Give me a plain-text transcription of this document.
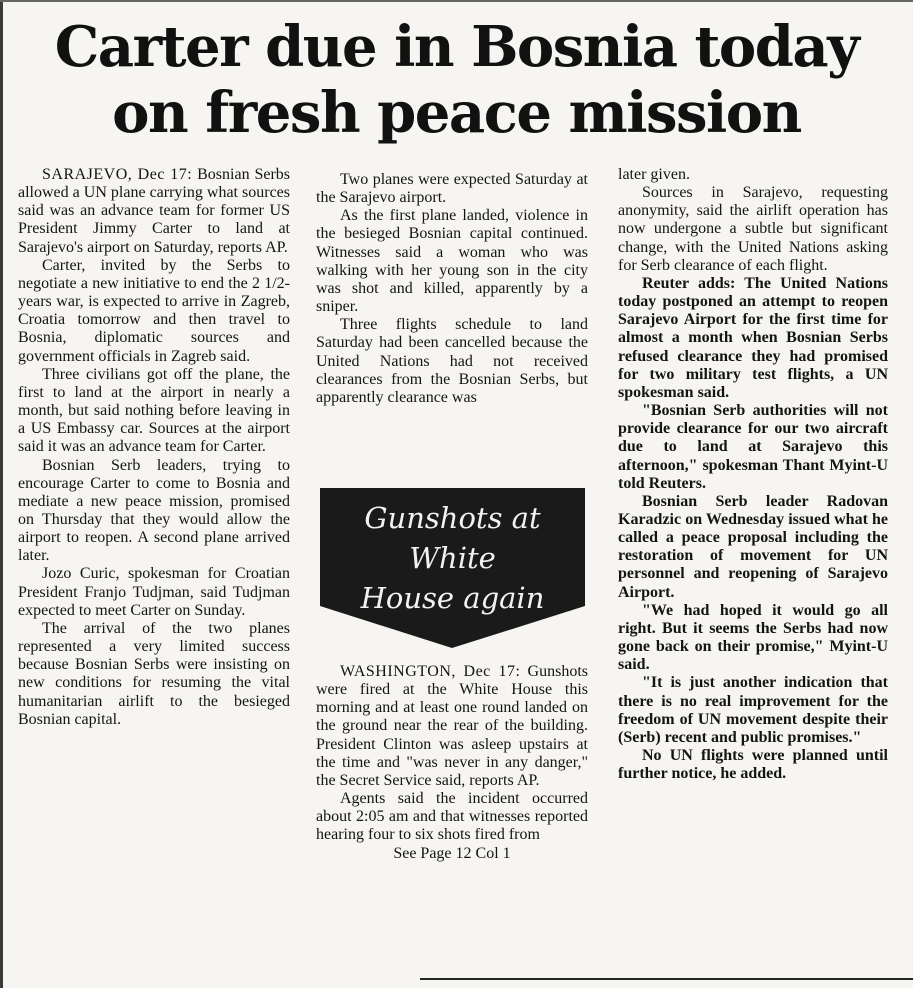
Carter due in Bosnia today
on fresh peace mission

SARAJEVO, Dec 17: Bosnian Serbs allowed a UN plane carrying what sources said was an advance team for former US President Jimmy Carter to land at Sarajevo's airport on Saturday, reports AP.

Carter, invited by the Serbs to negotiate a new initiative to end the 2 1/2-years war, is expected to arrive in Zagreb, Croatia tomorrow and then travel to Bosnia, diplomatic sources and government officials in Zagreb said.

Three civilians got off the plane, the first to land at the airport in nearly a month, but said nothing before leaving in a US Embassy car. Sources at the airport said it was an advance team for Carter.

Bosnian Serb leaders, trying to encourage Carter to come to Bosnia and mediate a new peace mission, promised on Thursday that they would allow the airport to reopen. A second plane arrived later.

Jozo Curic, spokesman for Croatian President Franjo Tudjman, said Tudjman expected to meet Carter on Sunday.

The arrival of the two planes represented a very limited success because Bosnian Serbs were insisting on new conditions for resuming the vital humanitarian airlift to the besieged Bosnian capital.

Two planes were expected Saturday at the Sarajevo airport.

As the first plane landed, violence in the besieged Bosnian capital continued. Witnesses said a woman who was walking with her young son in the city was shot and killed, apparently by a sniper.

Three flights schedule to land Saturday had been cancelled because the United Nations had not received clearances from the Bosnian Serbs, but apparently clearance was

Gunshots at
White
House again

WASHINGTON, Dec 17: Gunshots were fired at the White House this morning and at least one round landed on the ground near the rear of the building. President Clinton was asleep upstairs at the time and "was never in any danger," the Secret Service said, reports AP.

Agents said the incident occurred about 2:05 am and that witnesses reported hearing four to six shots fired from

See Page 12 Col 1

later given.

Sources in Sarajevo, requesting anonymity, said the airlift operation has now undergone a subtle but significant change, with the United Nations asking for Serb clearance of each flight.

Reuter adds: The United Nations today postponed an attempt to reopen Sarajevo Airport for the first time for almost a month when Bosnian Serbs refused clearance they had promised for two military test flights, a UN spokesman said.

"Bosnian Serb authorities will not provide clearance for our two aircraft due to land at Sarajevo this afternoon," spokesman Thant Myint-U told Reuters.

Bosnian Serb leader Radovan Karadzic on Wednesday issued what he called a peace proposal including the restoration of movement for UN personnel and reopening of Sarajevo Airport.

"We had hoped it would go all right. But it seems the Serbs had now gone back on their promise," Myint-U said.

"It is just another indication that there is no real improvement for the freedom of UN movement despite their (Serb) recent and public promises."

No UN flights were planned until further notice, he added.
